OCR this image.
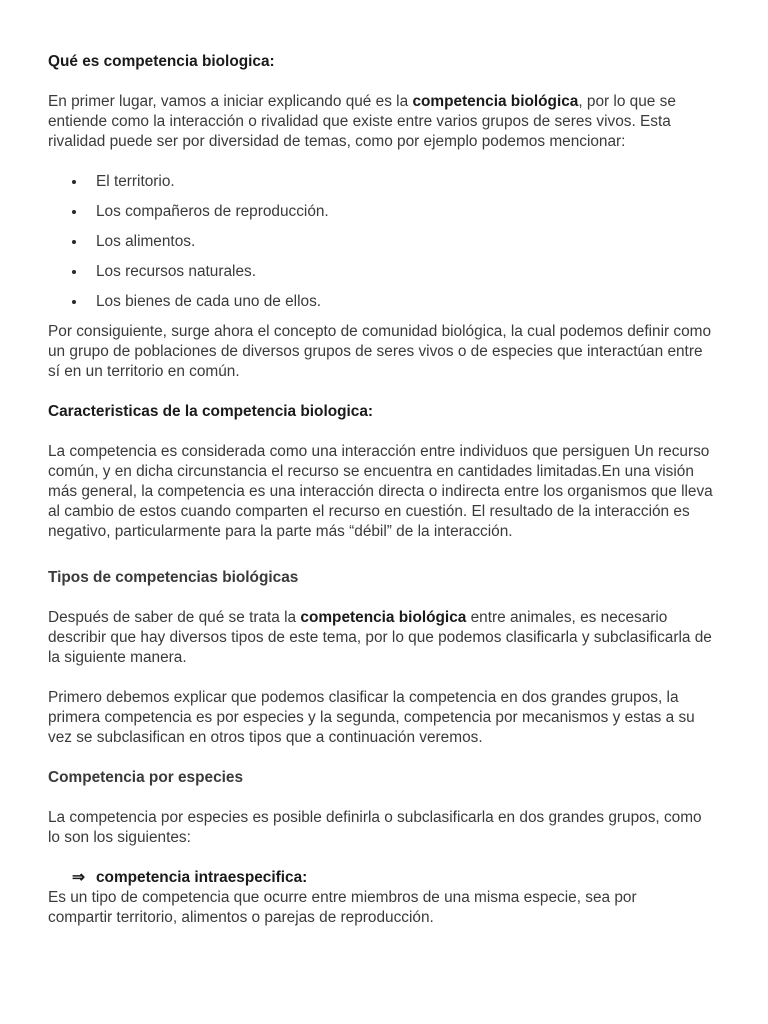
Qué es competencia biologica:

En primer lugar, vamos a iniciar explicando qué es la competencia biológica, por lo que se entiende como la interacción o rivalidad que existe entre varios grupos de seres vivos. Esta rivalidad puede ser por diversidad de temas, como por ejemplo podemos mencionar:

El territorio.
Los compañeros de reproducción.
Los alimentos.
Los recursos naturales.
Los bienes de cada uno de ellos.

Por consiguiente, surge ahora el concepto de comunidad biológica, la cual podemos definir como un grupo de poblaciones de diversos grupos de seres vivos o de especies que interactúan entre sí en un territorio en común.

Caracteristicas de la competencia biologica:

La competencia es considerada como una interacción entre individuos que persiguen Un recurso común, y en dicha circunstancia el recurso se encuentra en cantidades limitadas.En una visión más general, la competencia es una interacción directa o indirecta entre los organismos que lleva al cambio de estos cuando comparten el recurso en cuestión. El resultado de la interacción es negativo, particularmente para la parte más “débil” de la interacción.

Tipos de competencias biológicas

Después de saber de qué se trata la competencia biológica entre animales, es necesario describir que hay diversos tipos de este tema, por lo que podemos clasificarla y subclasificarla de la siguiente manera.

Primero debemos explicar que podemos clasificar la competencia en dos grandes grupos, la primera competencia es por especies y la segunda, competencia por mecanismos y estas a su vez se subclasifican en otros tipos que a continuación veremos.

Competencia por especies

La competencia por especies es posible definirla o subclasificarla en dos grandes grupos, como lo son los siguientes:

⇒ competencia intraespecifica:

Es un tipo de competencia que ocurre entre miembros de una misma especie, sea por compartir territorio, alimentos o parejas de reproducción.
